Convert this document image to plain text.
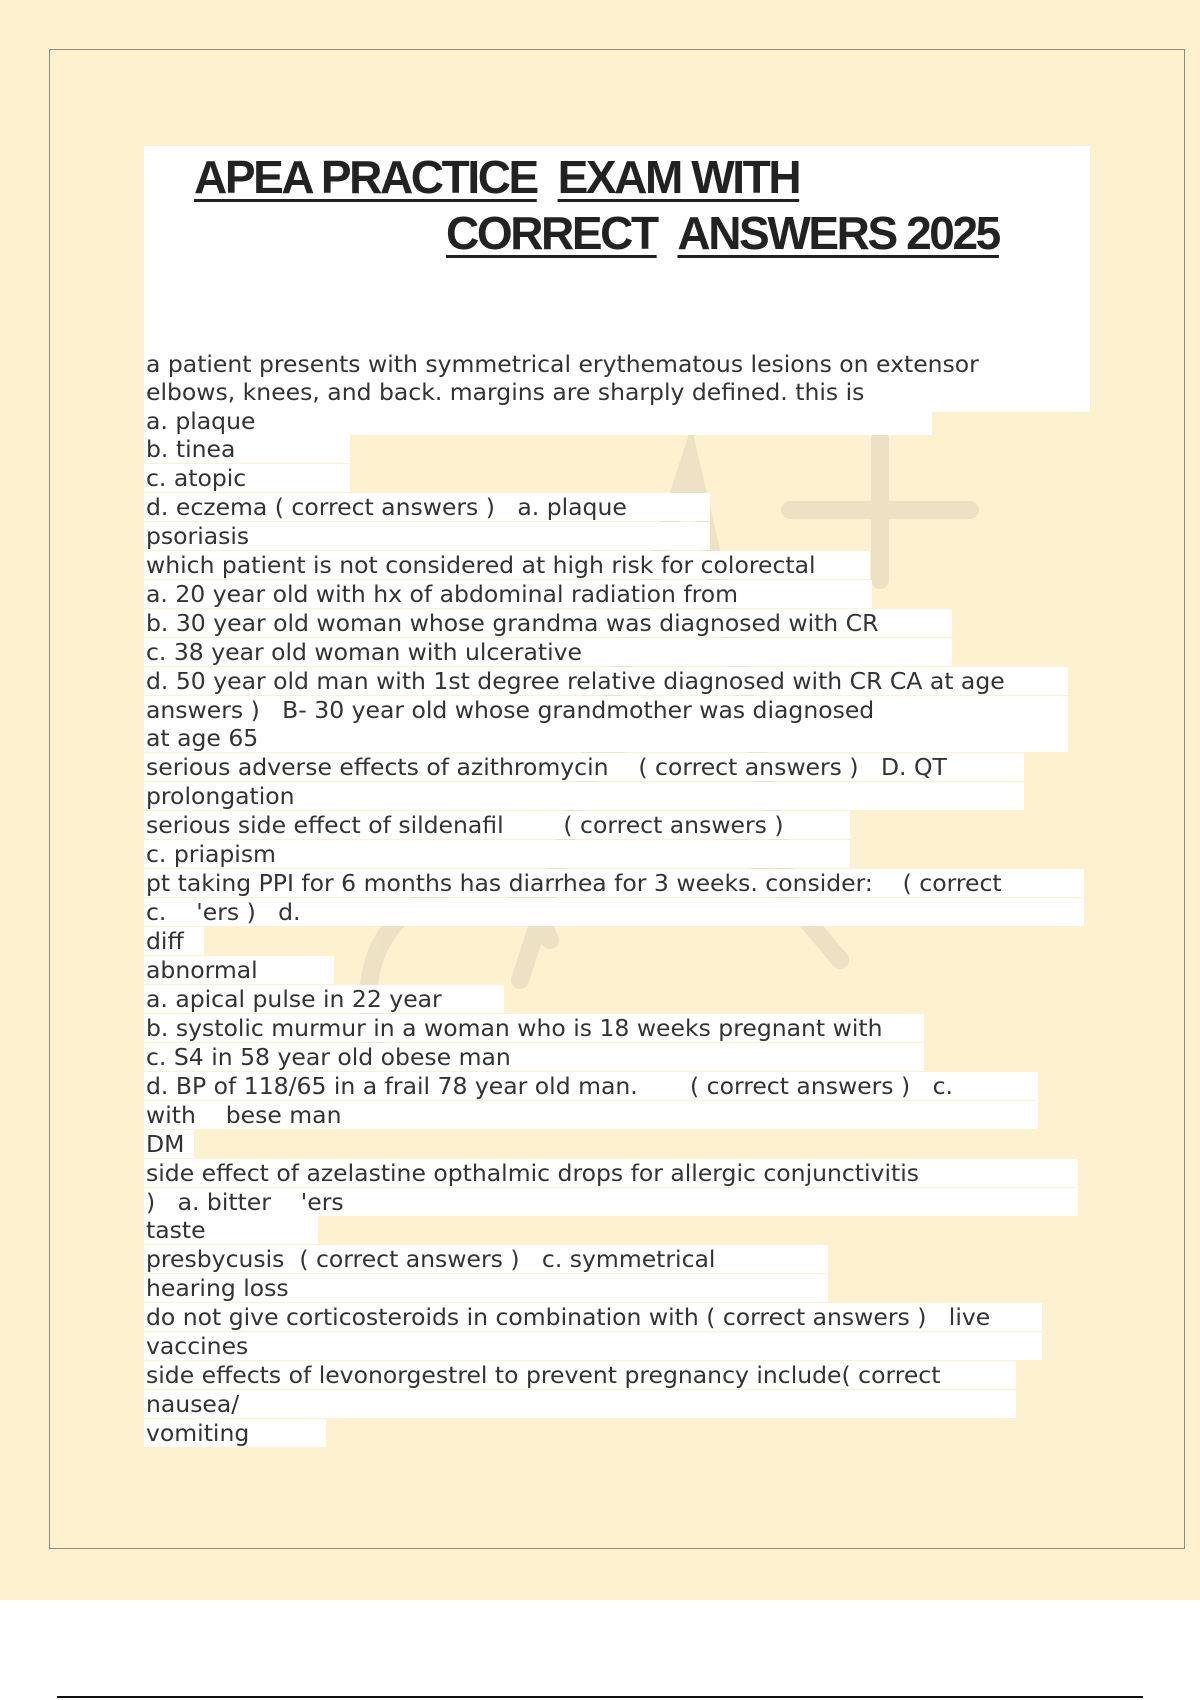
APEA PRACTICE EXAM WITH
CORRECT ANSWERS 2025
a patient presents with symmetrical erythematous lesions on extensor
elbows, knees, and back. margins are sharply defined. this is
a. plaque
b. tinea
c. atopic
d. eczema ( correct answers )   a. plaque
psoriasis
which patient is not considered at high risk for colorectal
a. 20 year old with hx of abdominal radiation from
b. 30 year old woman whose grandma was diagnosed with CR
c. 38 year old woman with ulcerative
d. 50 year old man with 1st degree relative diagnosed with CR CA at age
answers )   B- 30 year old whose grandmother was diagnosed
at age 65
serious adverse effects of azithromycin    ( correct answers )   D. QT
prolongation
serious side effect of sildenafil        ( correct answers )
c. priapism
pt taking PPI for 6 months has diarrhea for 3 weeks. consider:    ( correct
c.    'ers )   d.
diff
abnormal
a. apical pulse in 22 year
b. systolic murmur in a woman who is 18 weeks pregnant with
c. S4 in 58 year old obese man
d. BP of 118/65 in a frail 78 year old man.       ( correct answers )   c.
with    bese man
DM
side effect of azelastine opthalmic drops for allergic conjunctivitis
)   a. bitter    'ers
taste
presbycusis  ( correct answers )   c. symmetrical
hearing loss
do not give corticosteroids in combination with ( correct answers )   live
vaccines
side effects of levonorgestrel to prevent pregnancy include( correct
nausea/
vomiting
